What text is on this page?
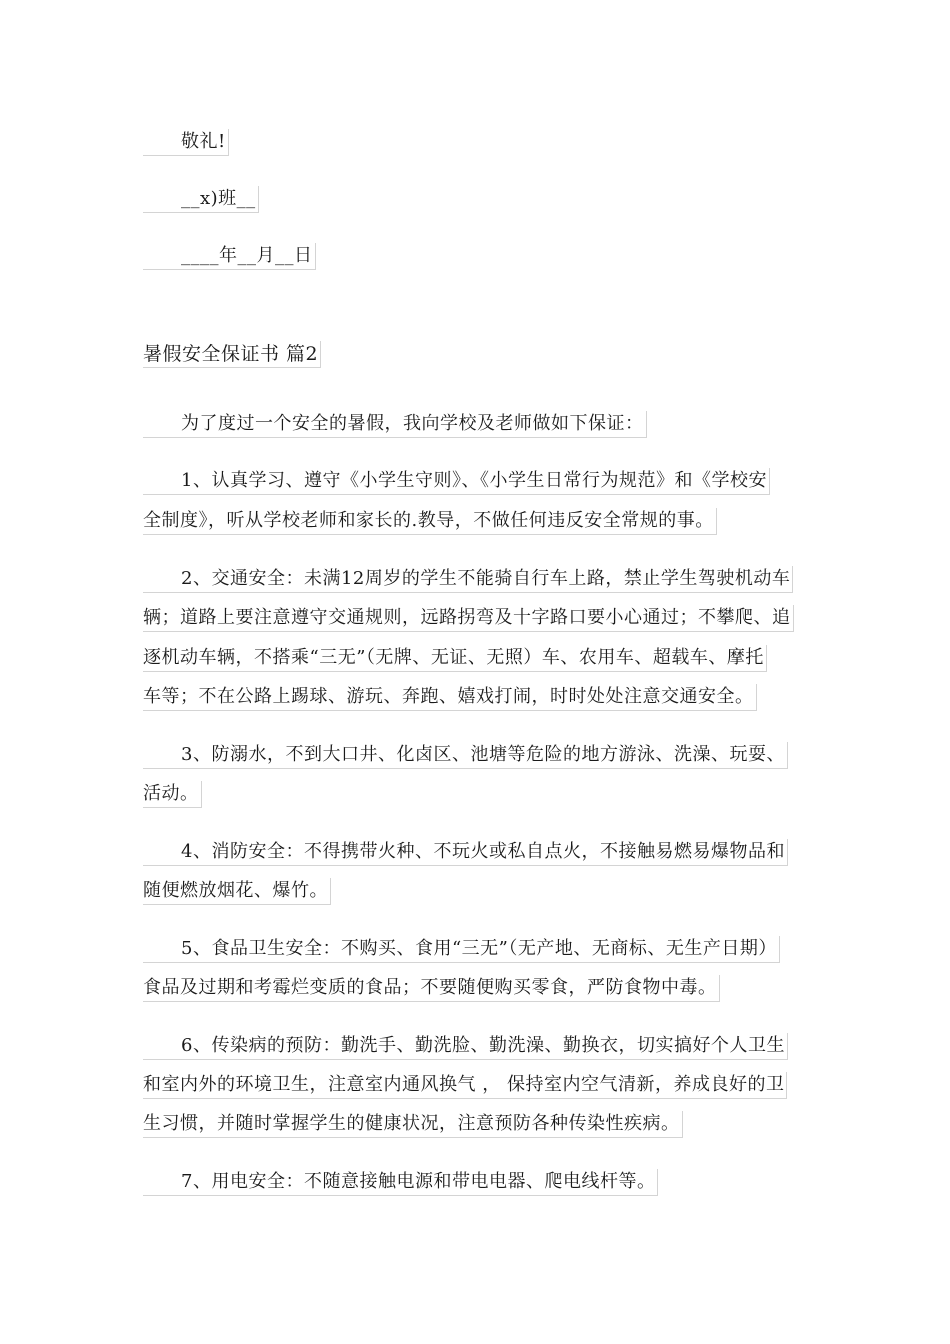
敬礼!
__x)班__
____年__月__日
暑假安全保证书 篇2
为了度过一个安全的暑假，我向学校及老师做如下保证：
1、认真学习、遵守《小学生守则》、《小学生日常行为规范》和《学校安
全制度》，听从学校老师和家长的.教导，不做任何违反安全常规的事。
2、交通安全：未满12周岁的学生不能骑自行车上路，禁止学生驾驶机动车
辆；道路上要注意遵守交通规则，远路拐弯及十字路口要小心通过；不攀爬、追
逐机动车辆，不搭乘“三无”（无牌、无证、无照）车、农用车、超载车、摩托
车等；不在公路上踢球、游玩、奔跑、嬉戏打闹，时时处处注意交通安全。
3、防溺水，不到大口井、化卤区、池塘等危险的地方游泳、洗澡、玩耍、
活动。
4、消防安全：不得携带火种、不玩火或私自点火，不接触易燃易爆物品和
随便燃放烟花、爆竹。
5、食品卫生安全：不购买、食用“三无”（无产地、无商标、无生产日期）
食品及过期和考霉烂变质的食品；不要随便购买零食，严防食物中毒。
6、传染病的预防：勤洗手、勤洗脸、勤洗澡、勤换衣，切实搞好个人卫生
和室内外的环境卫生，注意室内通风换气 ， 保持室内空气清新，养成良好的卫
生习惯，并随时掌握学生的健康状况，注意预防各种传染性疾病。
7、用电安全：不随意接触电源和带电电器、爬电线杆等。
